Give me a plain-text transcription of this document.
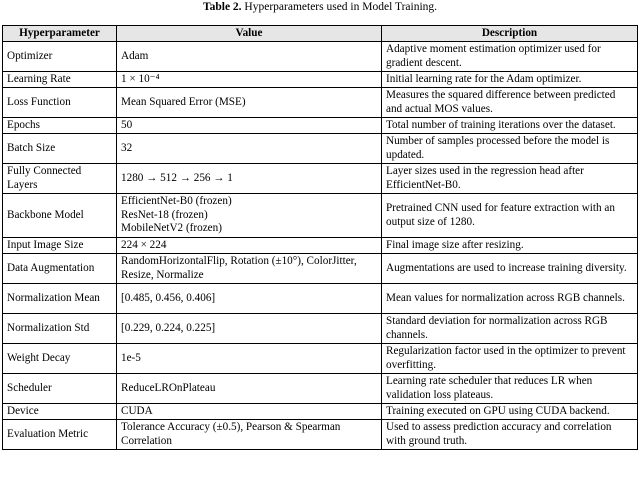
Table 2. Hyperparameters used in Model Training.
Hyperparameter	Value	Description
Optimizer	Adam	Adaptive moment estimation optimizer used for gradient descent.
Learning Rate	1 × 10⁻⁴	Initial learning rate for the Adam optimizer.
Loss Function	Mean Squared Error (MSE)	Measures the squared difference between predicted and actual MOS values.
Epochs	50	Total number of training iterations over the dataset.
Batch Size	32	Number of samples processed before the model is updated.
Fully Connected Layers	1280 → 512 → 256 → 1	Layer sizes used in the regression head after EfficientNet-B0.
Backbone Model	EfficientNet-B0 (frozen)
ResNet-18 (frozen)
MobileNetV2 (frozen)	Pretrained CNN used for feature extraction with an output size of 1280.
Input Image Size	224 × 224	Final image size after resizing.
Data Augmentation	RandomHorizontalFlip, Rotation (±10°), ColorJitter, Resize, Normalize	Augmentations are used to increase training diversity.
Normalization Mean	[0.485, 0.456, 0.406]	Mean values for normalization across RGB channels.
Normalization Std	[0.229, 0.224, 0.225]	Standard deviation for normalization across RGB channels.
Weight Decay	1e-5	Regularization factor used in the optimizer to prevent overfitting.
Scheduler	ReduceLROnPlateau	Learning rate scheduler that reduces LR when validation loss plateaus.
Device	CUDA	Training executed on GPU using CUDA backend.
Evaluation Metric	Tolerance Accuracy (±0.5), Pearson & Spearman Correlation	Used to assess prediction accuracy and correlation with ground truth.
